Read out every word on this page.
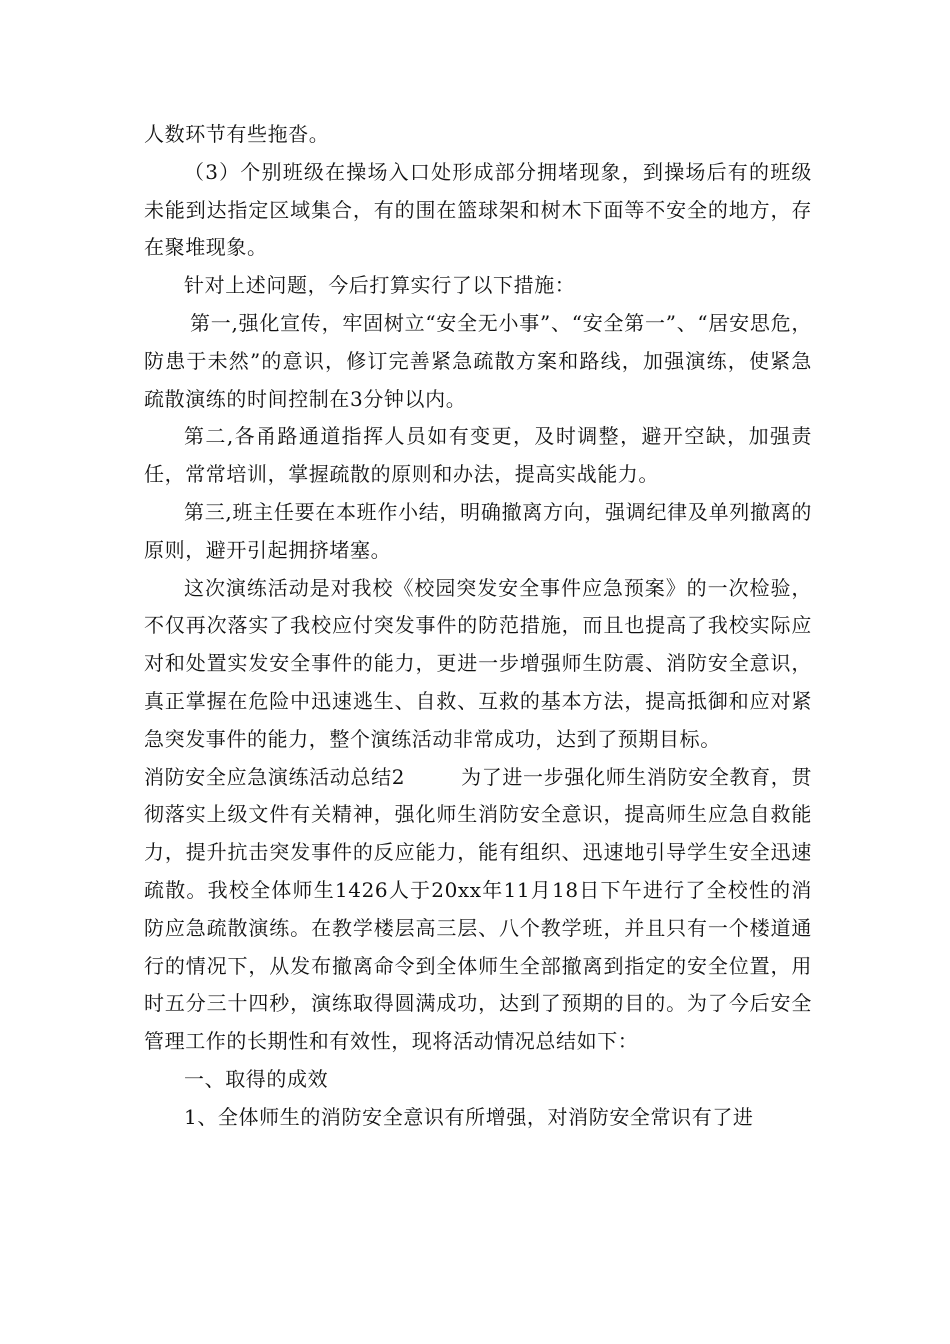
人数环节有些拖沓。

（3）个别班级在操场入口处形成部分拥堵现象，到操场后有的班级未能到达指定区域集合，有的围在篮球架和树木下面等不安全的地方，存在聚堆现象。

针对上述问题，今后打算实行了以下措施：

第一,强化宣传，牢固树立“安全无小事”、“安全第一”、“居安思危，防患于未然”的意识，修订完善紧急疏散方案和路线，加强演练，使紧急疏散演练的时间控制在3分钟以内。

第二,各甬路通道指挥人员如有变更，及时调整，避开空缺，加强责任，常常培训，掌握疏散的原则和办法，提高实战能力。

第三,班主任要在本班作小结，明确撤离方向，强调纪律及单列撤离的原则，避开引起拥挤堵塞。

这次演练活动是对我校《校园突发安全事件应急预案》的一次检验，不仅再次落实了我校应付突发事件的防范措施，而且也提高了我校实际应对和处置实发安全事件的能力，更进一步增强师生防震、消防安全意识，真正掌握在危险中迅速逃生、自救、互救的基本方法，提高抵御和应对紧急突发事件的能力，整个演练活动非常成功，达到了预期目标。

消防安全应急演练活动总结2	为了进一步强化师生消防安全教育，贯彻落实上级文件有关精神，强化师生消防安全意识，提高师生应急自救能力，提升抗击突发事件的反应能力，能有组织、迅速地引导学生安全迅速疏散。我校全体师生1426人于20xx年11月18日下午进行了全校性的消防应急疏散演练。在教学楼层高三层、八个教学班，并且只有一个楼道通行的情况下，从发布撤离命令到全体师生全部撤离到指定的安全位置，用时五分三十四秒，演练取得圆满成功，达到了预期的目的。为了今后安全管理工作的长期性和有效性，现将活动情况总结如下：

一、取得的成效

1、全体师生的消防安全意识有所增强，对消防安全常识有了进
